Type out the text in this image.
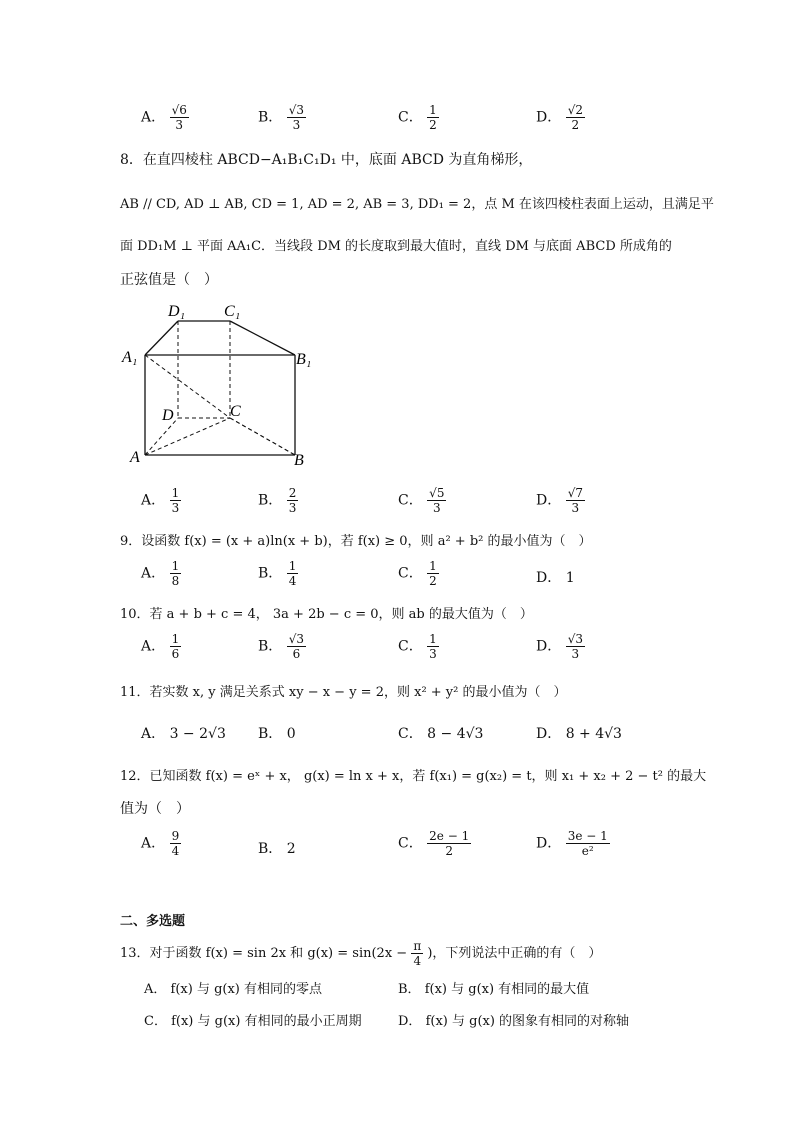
A． $\frac{√6}{3}$	B． $\frac{√3}{3}$	C． $\frac{1}{2}$	D． $\frac{√2}{2}$
8．在直四棱柱 ABCD−A₁B₁C₁D₁ 中，底面 ABCD 为直角梯形，
AB // CD, AD ⊥ AB, CD = 1, AD = 2, AB = 3, DD₁ = 2，点 M 在该四棱柱表面上运动，且满足平
面 DD₁M ⊥ 平面 AA₁C．当线段 DM 的长度取到最大值时，直线 DM 与底面 ABCD 所成角的
正弦值是（　）
D₁ C₁
A₁	B₁
D	C
A	B
A． $\frac{1}{3}$	B． $\frac{2}{3}$	C． $\frac{√5}{3}$	D． $\frac{√7}{3}$
9．设函数 f(x) = (x + a)ln(x + b)，若 f(x) ≥ 0，则 a² + b² 的最小值为（　）
A． $\frac{1}{8}$	B． $\frac{1}{4}$	C． $\frac{1}{2}$	D． 1
10．若 a + b + c = 4， 3a + 2b − c = 0，则 ab 的最大值为（　）
A． $\frac{1}{6}$	B． $\frac{√3}{6}$	C． $\frac{1}{3}$	D． $\frac{√3}{3}$
11．若实数 x, y 满足关系式 xy − x − y = 2，则 x² + y² 的最小值为（　）
A． 3 − 2√3 B． 0	C． 8 − 4√3	D． 8 + 4√3
12．已知函数 f(x) = eˣ + x， g(x) = ln x + x，若 f(x₁) = g(x₂) = t，则 x₁ + x₂ + 2 − t² 的最大
值为（　）
A． $\frac{9}{4}$	B． 2	C． $\frac{2e - 1}{2}$	D． $\frac{3e - 1}{\text{e²}}$
二、多选题
13．对于函数 f(x) = sin 2x 和 $g(x) = \sin(2x - \frac{\pi}{4}$ )，下列说法中正确的有（　）
A． f(x) 与 g(x) 有相同的零点	B． f(x) 与 g(x) 有相同的最大值
C． f(x) 与 g(x) 有相同的最小正周期	D． f(x) 与 g(x) 的图象有相同的对称轴
